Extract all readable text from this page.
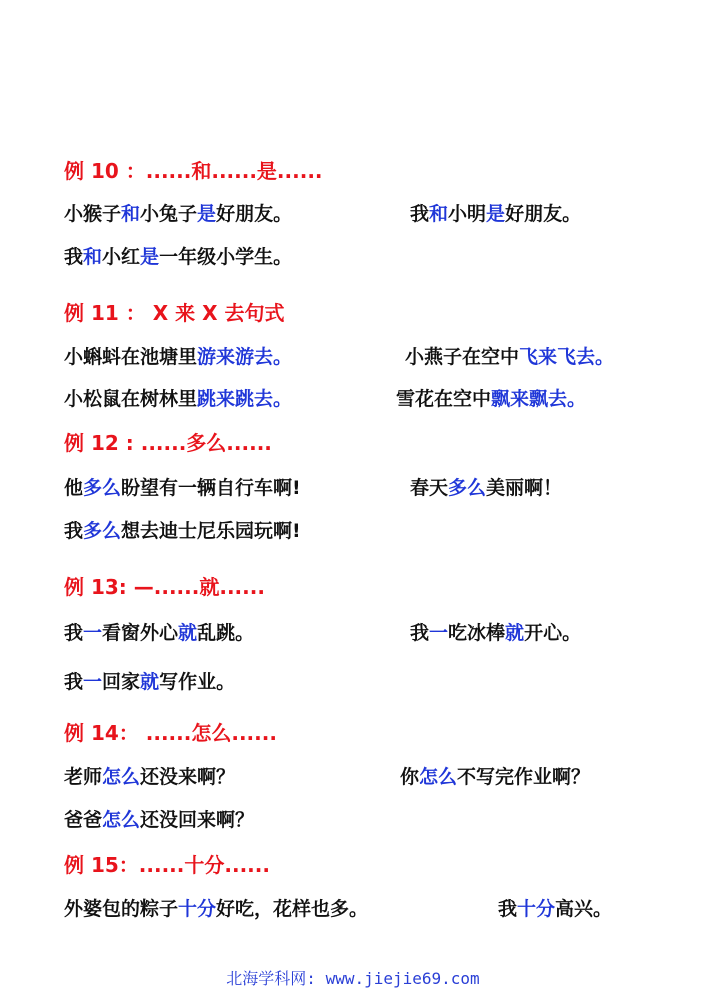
例 10 ：......和......是......
小猴子和小兔子是好朋友。	我和小明是好朋友。
我和小红是一年级小学生。
例 11 ： X 来 X 去句式
小蝌蚪在池塘里游来游去。	小燕子在空中飞来飞去。
小松鼠在树林里跳来跳去。	雪花在空中飘来飘去。
例 12 : ......多么......
他多么盼望有一辆自行车啊!	春天多么美丽啊！
我多么想去迪士尼乐园玩啊!
例 13: —......就......
我一看窗外心就乱跳。	我一吃冰棒就开心。
我一回家就写作业。
例 14： ......怎么......
老师怎么还没来啊？	你怎么不写完作业啊？
爸爸怎么还没回来啊？
例 15：......十分......
外婆包的粽子十分好吃，花样也多。	我十分高兴。
北海学科网: www.jiejie69.com
